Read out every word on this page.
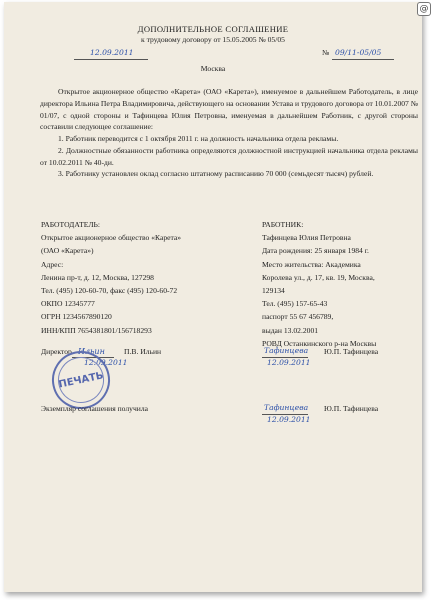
ДОПОЛНИТЕЛЬНОЕ СОГЛАШЕНИЕ
к трудовому договору от 15.05.2005 № 05/05
12.09.2011	№ 09/11-05/05
Москва

Открытое акционерное общество «Карета» (ОАО «Карета»), именуемое в дальнейшем Работодатель, в лице директора Ильина Петра Владимировича, действующего на основании Устава и трудового договора от 10.01.2007 № 01/07, с одной стороны и Тафинцева Юлия Петровна, именуемая в дальнейшем Работник, с другой стороны составили следующее соглашение:

1. Работник переводится с 1 октября 2011 г. на должность начальника отдела рекламы.

2. Должностные обязанности работника определяются должностной инструкцией начальника отдела рекламы от 10.02.2011 № 40-ди.

3. Работнику установлен оклад согласно штатному расписанию 70 000 (семьдесят тысяч) рублей.

РАБОТОДАТЕЛЬ:
Открытое акционерное общество «Карета»
(ОАО «Карета»)
Адрес:
Ленина пр-т, д. 12, Москва, 127298
Тел. (495) 120-60-70, факс (495) 120-60-72
ОКПО 12345777
ОГРН 1234567890120
ИНН/КПП 7654381801/156718293
РАБОТНИК:
Тафинцева Юлия Петровна
Дата рождения: 25 января 1984 г.
Место жительства: Академика
Королева ул., д. 17, кв. 19, Москва,
129134
Тел. (495) 157-65-43
паспорт 55 67 456789,
выдан 13.02.2001
РОВД Останкинского р-на Москвы
Директор Ильин	П.В. Ильин
12.09.2011
ПЕЧАТЬ
Тафинцева Ю.П. Тафинцева
12.09.2011
Экземпляр соглашения получила	Тафинцева Ю.П. Тафинцева
12.09.2011
@
